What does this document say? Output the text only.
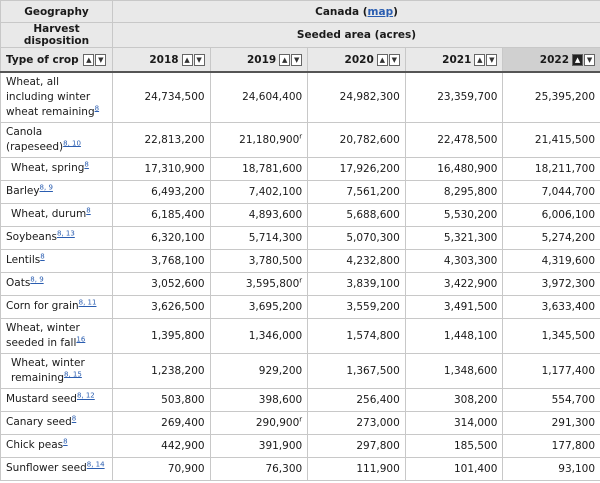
Geography	Canada (map)				
Harvest disposition	Seeded area (acres)				
Type of crop ▲ ▼	2018 ▲ ▼	2019 ▲ ▼	2020 ▲ ▼	2021 ▲ ▼	2022 ▲ ▼
Wheat, all including winter wheat remaining$^8$	24,734,500	24,604,400	24,982,300	23,359,700	25,395,200
Canola (rapeseed)$^{8, 10}$	22,813,200	21,180,900$^r$	20,782,600	22,478,500	21,415,500
Wheat, spring$^8$	17,310,900	18,781,600	17,926,200	16,480,900	18,211,700
Barley$^{8, 9}$	6,493,200	7,402,100	7,561,200	8,295,800	7,044,700
Wheat, durum$^8$	6,185,400	4,893,600	5,688,600	5,530,200	6,006,100
Soybeans$^{8, 13}$	6,320,100	5,714,300	5,070,300	5,321,300	5,274,200
Lentils$^8$	3,768,100	3,780,500	4,232,800	4,303,300	4,319,600
Oats$^{8, 9}$	3,052,600	3,595,800$^r$	3,839,100	3,422,900	3,972,300
Corn for grain$^{8, 11}$	3,626,500	3,695,200	3,559,200	3,491,500	3,633,400
Wheat, winter seeded in fall$^{16}$	1,395,800	1,346,000	1,574,800	1,448,100	1,345,500
Wheat, winter remaining$^{8, 15}$	1,238,200	929,200	1,367,500	1,348,600	1,177,400
Mustard seed$^{8, 12}$	503,800	398,600	256,400	308,200	554,700
Canary seed$^8$	269,400	290,900$^r$	273,000	314,000	291,300
Chick peas$^8$	442,900	391,900	297,800	185,500	177,800
Sunflower seed$^{8, 14}$	70,900	76,300	111,900	101,400	93,100
